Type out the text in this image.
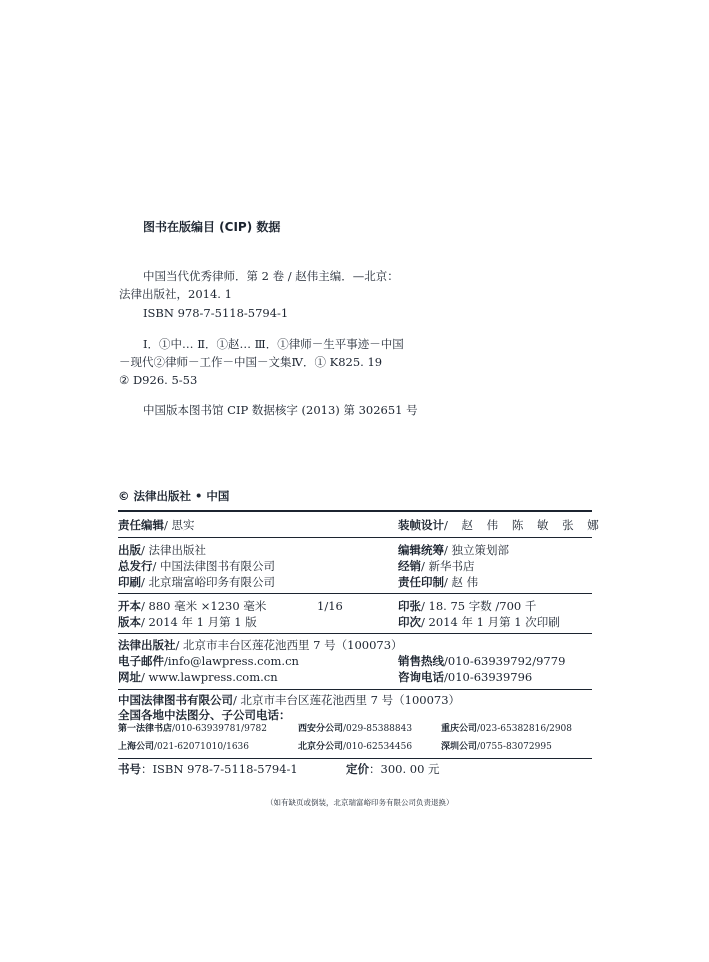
图书在版编目 (CIP) 数据
中国当代优秀律师．第 2 卷 / 赵伟主编．—北京：
法律出版社，2014. 1
ISBN 978-7-5118-5794-1
Ⅰ．①中… Ⅱ．①赵… Ⅲ．①律师－生平事迹－中国
－现代②律师－工作－中国－文集Ⅳ．① K825. 19
② D926. 5-53
中国版本图书馆 CIP 数据核字 (2013) 第 302651 号
© 法律出版社 • 中国
责任编辑/ 思实	装帧设计/ 赵 伟 陈 敏 张 娜
出版/ 法律出版社	编辑统筹/ 独立策划部
总发行/ 中国法律图书有限公司	经销/ 新华书店
印刷/ 北京瑞富峪印务有限公司	责任印制/ 赵 伟
开本/ 880 毫米 ×1230 毫米	1/16	印张/ 18. 75 字数 /700 千
版本/ 2014 年 1 月第 1 版	印次/ 2014 年 1 月第 1 次印刷
法律出版社/ 北京市丰台区莲花池西里 7 号（100073）
电子邮件/info@lawpress.com.cn	销售热线/010-63939792/9779
网址/ www.lawpress.com.cn	咨询电话/010-63939796
中国法律图书有限公司/ 北京市丰台区莲花池西里 7 号（100073）
全国各地中法图分、子公司电话：
第一法律书店/010-63939781/9782	西安分公司/029-85388843	重庆公司/023-65382816/2908
上海公司/021-62071010/1636	北京分公司/010-62534456	深圳公司/0755-83072995
书号：ISBN 978-7-5118-5794-1	定价：300. 00 元
（如有缺页或倒装，北京瑞富峪印务有限公司负责退换）
